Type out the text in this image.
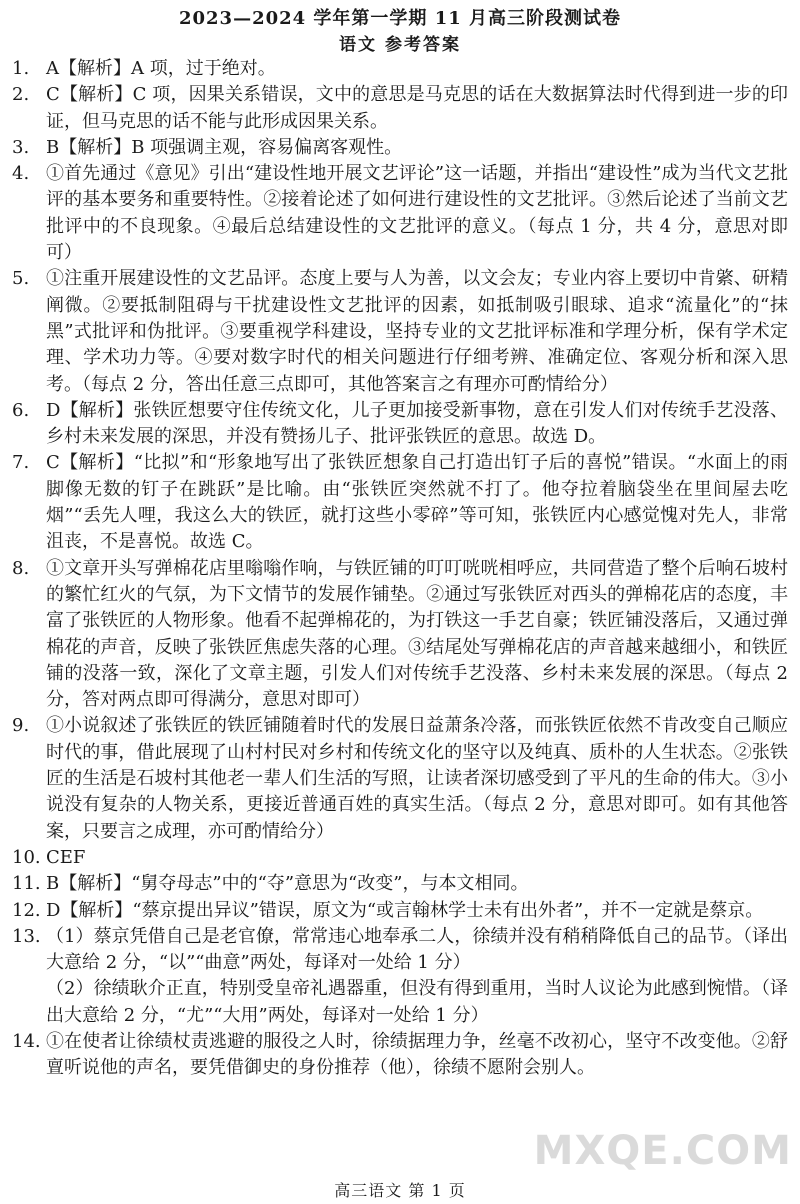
2023—2024 学年第一学期 11 月高三阶段测试卷
语文 参考答案
1. A【解析】A 项，过于绝对。

2. C【解析】C 项，因果关系错误，文中的意思是马克思的话在大数据算法时代得到进一步的印证，但马克思的话不能与此形成因果关系。

3. B【解析】B 项强调主观，容易偏离客观性。

4. ①首先通过《意见》引出“建设性地开展文艺评论”这一话题，并指出“建设性”成为当代文艺批评的基本要务和重要特性。②接着论述了如何进行建设性的文艺批评。③然后论述了当前文艺批评中的不良现象。④最后总结建设性的文艺批评的意义。（每点 1 分，共 4 分，意思对即可）

5. ①注重开展建设性的文艺品评。态度上要与人为善，以文会友；专业内容上要切中肯綮、研精阐微。②要抵制阻碍与干扰建设性文艺批评的因素，如抵制吸引眼球、追求“流量化”的“抹黑”式批评和伪批评。③要重视学科建设，坚持专业的文艺批评标准和学理分析，保有学术定理、学术功力等。④要对数字时代的相关问题进行仔细考辨、准确定位、客观分析和深入思考。（每点 2 分，答出任意三点即可，其他答案言之有理亦可酌情给分）

6. D【解析】张铁匠想要守住传统文化，儿子更加接受新事物，意在引发人们对传统手艺没落、乡村未来发展的深思，并没有赞扬儿子、批评张铁匠的意思。故选 D。

7. C【解析】“比拟”和“形象地写出了张铁匠想象自己打造出钉子后的喜悦”错误。“水面上的雨脚像无数的钉子在跳跃”是比喻。由“张铁匠突然就不打了。他夺拉着脑袋坐在里间屋去吃烟”“丢先人哩，我这么大的铁匠，就打这些小零碎”等可知，张铁匠内心感觉愧对先人，非常沮丧，不是喜悦。故选 C。

8. ①文章开头写弹棉花店里嗡嗡作响，与铁匠铺的叮叮咣咣相呼应，共同营造了整个后响石坡村的繁忙红火的气氛，为下文情节的发展作铺垫。②通过写张铁匠对西头的弹棉花店的态度，丰富了张铁匠的人物形象。他看不起弹棉花的，为打铁这一手艺自豪；铁匠铺没落后，又通过弹棉花的声音，反映了张铁匠焦虑失落的心理。③结尾处写弹棉花店的声音越来越细小，和铁匠铺的没落一致，深化了文章主题，引发人们对传统手艺没落、乡村未来发展的深思。（每点 2 分，答对两点即可得满分，意思对即可）

9. ①小说叙述了张铁匠的铁匠铺随着时代的发展日益萧条冷落，而张铁匠依然不肯改变自己顺应时代的事，借此展现了山村村民对乡村和传统文化的坚守以及纯真、质朴的人生状态。②张铁匠的生活是石坡村其他老一辈人们生活的写照，让读者深切感受到了平凡的生命的伟大。③小说没有复杂的人物关系，更接近普通百姓的真实生活。（每点 2 分，意思对即可。如有其他答案，只要言之成理，亦可酌情给分）

10. CEF

11. B【解析】“舅夺母志”中的“夺”意思为“改变”，与本文相同。

12. D【解析】“蔡京提出异议”错误，原文为“或言翰林学士未有出外者”，并不一定就是蔡京。

13. （1）蔡京凭借自己是老官僚，常常违心地奉承二人，徐绩并没有稍稍降低自己的品节。（译出大意给 2 分，“以”“曲意”两处，每译对一处给 1 分）

（2）徐绩耿介正直，特别受皇帝礼遇器重，但没有得到重用，当时人议论为此感到惋惜。（译出大意给 2 分，“尤”“大用”两处，每译对一处给 1 分）

14. ①在使者让徐绩杖责逃避的服役之人时，徐绩据理力争，丝毫不改初心，坚守不改变他。②舒亶听说他的声名，要凭借御史的身份推荐（他），徐绩不愿附会别人。

MXQE.COM
高三语文 第 1 页
